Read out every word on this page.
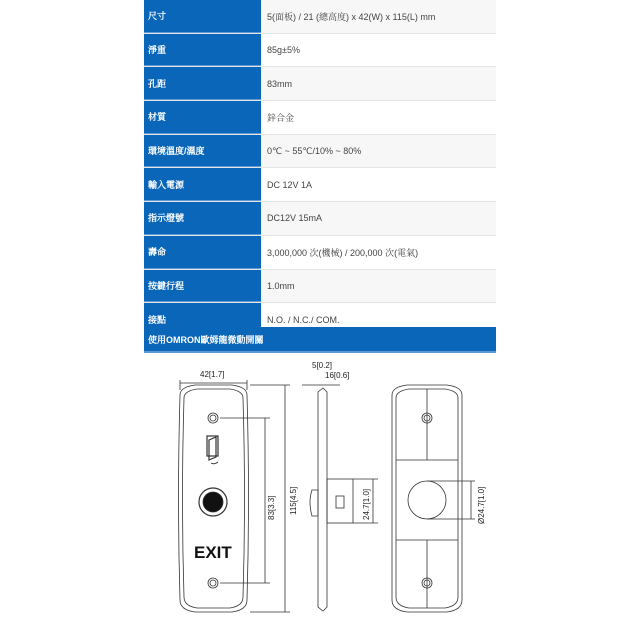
尺寸	5(面板) / 21 (總高度) x 42(W) x 115(L) mm
淨重	85g±5%
孔距	83mm
材質	鋅合金
環境溫度/濕度	0℃ ~ 55℃/10% ~ 80%
輸入電源	DC 12V 1A
指示燈號	DC12V 15mA
壽命	3,000,000 次(機械) / 200,000 次(電氣)
按鍵行程	1.0mm
接點	N.O. / N.C./ COM.
使用OMRON歐姆龍微動開關
42[1.7]
83[3.3] 115[4.5]
EXIT
5[0.2]
16[0.6]
24.7[1.0]	Ø24.7[1.0]
